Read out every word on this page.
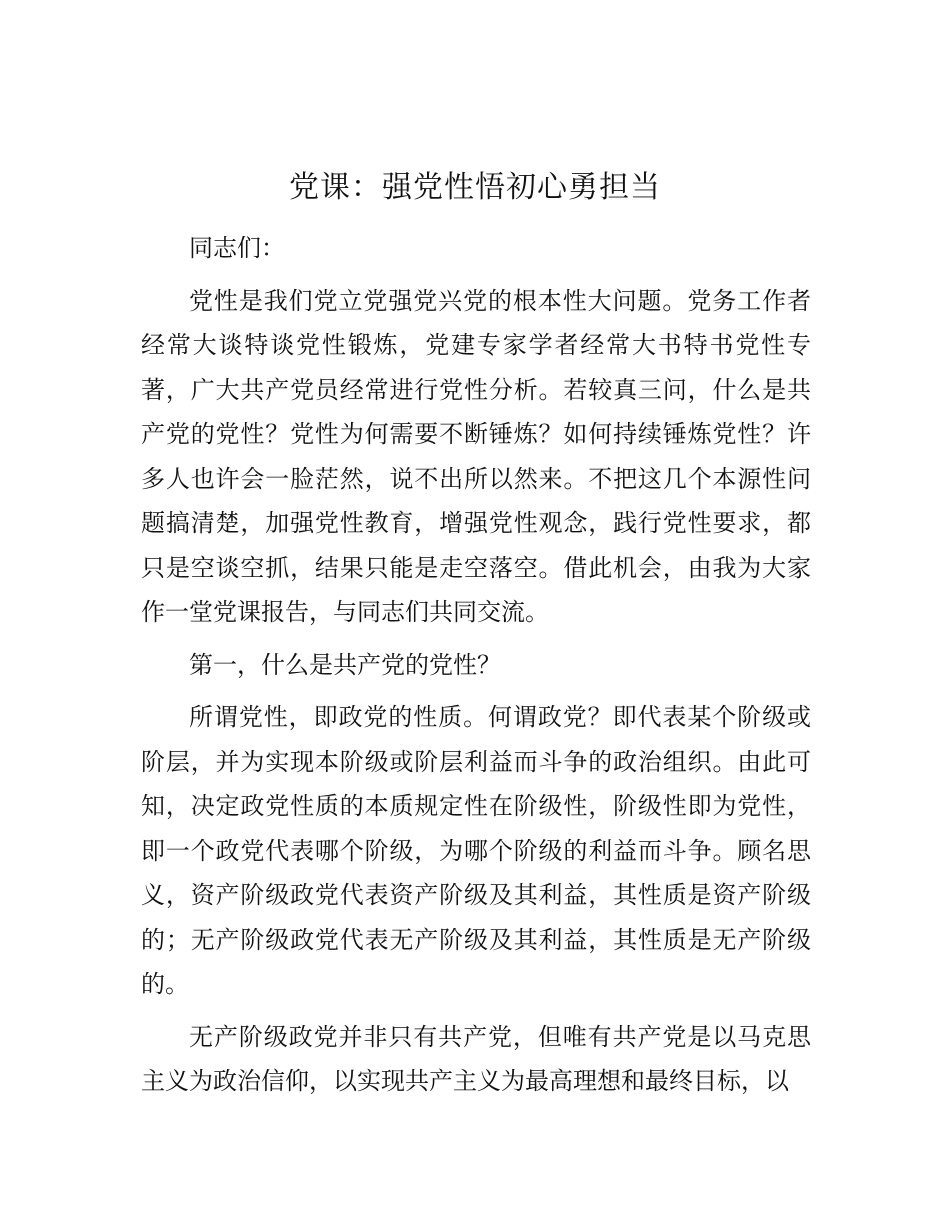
党课：强党性悟初心勇担当

同志们：

党性是我们党立党强党兴党的根本性大问题。党务工作者经常大谈特谈党性锻炼，党建专家学者经常大书特书党性专著，广大共产党员经常进行党性分析。若较真三问，什么是共产党的党性？党性为何需要不断锤炼？如何持续锤炼党性？许多人也许会一脸茫然，说不出所以然来。不把这几个本源性问题搞清楚，加强党性教育，增强党性观念，践行党性要求，都只是空谈空抓，结果只能是走空落空。借此机会，由我为大家作一堂党课报告，与同志们共同交流。

第一，什么是共产党的党性？

所谓党性，即政党的性质。何谓政党？即代表某个阶级或阶层，并为实现本阶级或阶层利益而斗争的政治组织。由此可知，决定政党性质的本质规定性在阶级性，阶级性即为党性，即一个政党代表哪个阶级，为哪个阶级的利益而斗争。顾名思义，资产阶级政党代表资产阶级及其利益，其性质是资产阶级的；无产阶级政党代表无产阶级及其利益，其性质是无产阶级的。

无产阶级政党并非只有共产党，但唯有共产党是以马克思主义为政治信仰，以实现共产主义为最高理想和最终目标，以
